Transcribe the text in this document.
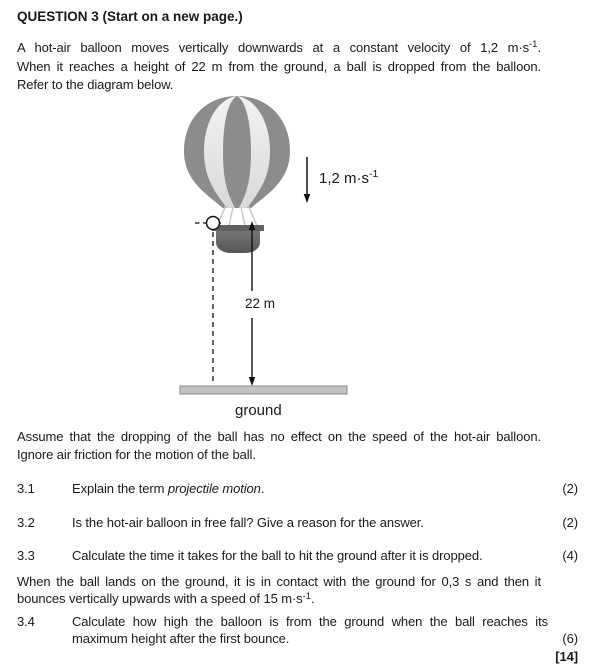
QUESTION 3 (Start on a new page.)
A hot-air balloon moves vertically downwards at a constant velocity of 1,2 $m\cdot s^{-1}$.
When it reaches a height of 22 m from the ground, a ball is dropped from the balloon.
Refer to the diagram below.
22 m
1,2 $m\cdot s^{-1}$
ground
Assume that the dropping of the ball has no effect on the speed of the hot-air balloon.
Ignore air friction for the motion of the ball.
3.1	Explain the term projectile motion.	(2)
3.2	Is the hot-air balloon in free fall? Give a reason for the answer.	(2)
3.3	Calculate the time it takes for the ball to hit the ground after it is dropped.	(4)
When the ball lands on the ground, it is in contact with the ground for 0,3 s and then it
bounces vertically upwards with a speed of 15 $m\cdot s^{-1}$.
3.4	Calculate how high the balloon is from the ground when the ball reaches its
maximum height after the first bounce.	(6)
[14]
